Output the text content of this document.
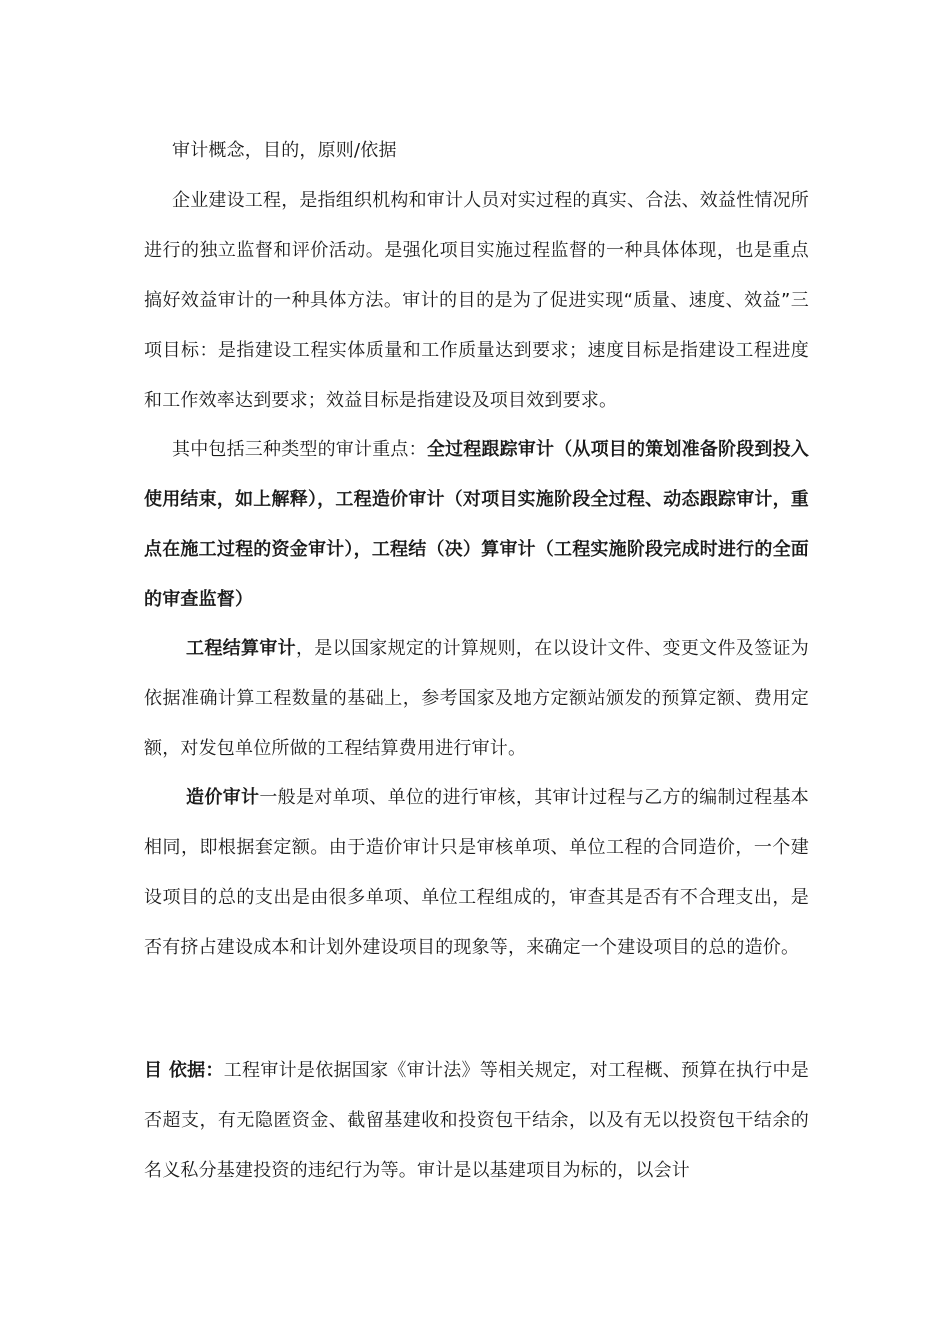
审计概念，目的，原则/依据

企业建设工程，是指组织机构和审计人员对实过程的真实、合法、效益性情况所进行的独立监督和评价活动。是强化项目实施过程监督的一种具体体现，也是重点搞好效益审计的一种具体方法。审计的目的是为了促进实现“质量、速度、效益”三项目标：是指建设工程实体质量和工作质量达到要求；速度目标是指建设工程进度和工作效率达到要求；效益目标是指建设及项目效到要求。

其中包括三种类型的审计重点：全过程跟踪审计（从项目的策划准备阶段到投入使用结束，如上解释），工程造价审计（对项目实施阶段全过程、动态跟踪审计，重点在施工过程的资金审计），工程结（决）算审计（工程实施阶段完成时进行的全面的审查监督）

工程结算审计，是以国家规定的计算规则，在以设计文件、变更文件及签证为依据准确计算工程数量的基础上，参考国家及地方定额站颁发的预算定额、费用定额，对发包单位所做的工程结算费用进行审计。

造价审计一般是对单项、单位的进行审核，其审计过程与乙方的编制过程基本相同，即根据套定额。由于造价审计只是审核单项、单位工程的合同造价，一个建设项目的总的支出是由很多单项、单位工程组成的，审查其是否有不合理支出，是否有挤占建设成本和计划外建设项目的现象等，来确定一个建设项目的总的造价。

目 依据：工程审计是依据国家《审计法》等相关规定，对工程概、预算在执行中是否超支，有无隐匿资金、截留基建收和投资包干结余，以及有无以投资包干结余的名义私分基建投资的违纪行为等。审计是以基建项目为标的，以会计
